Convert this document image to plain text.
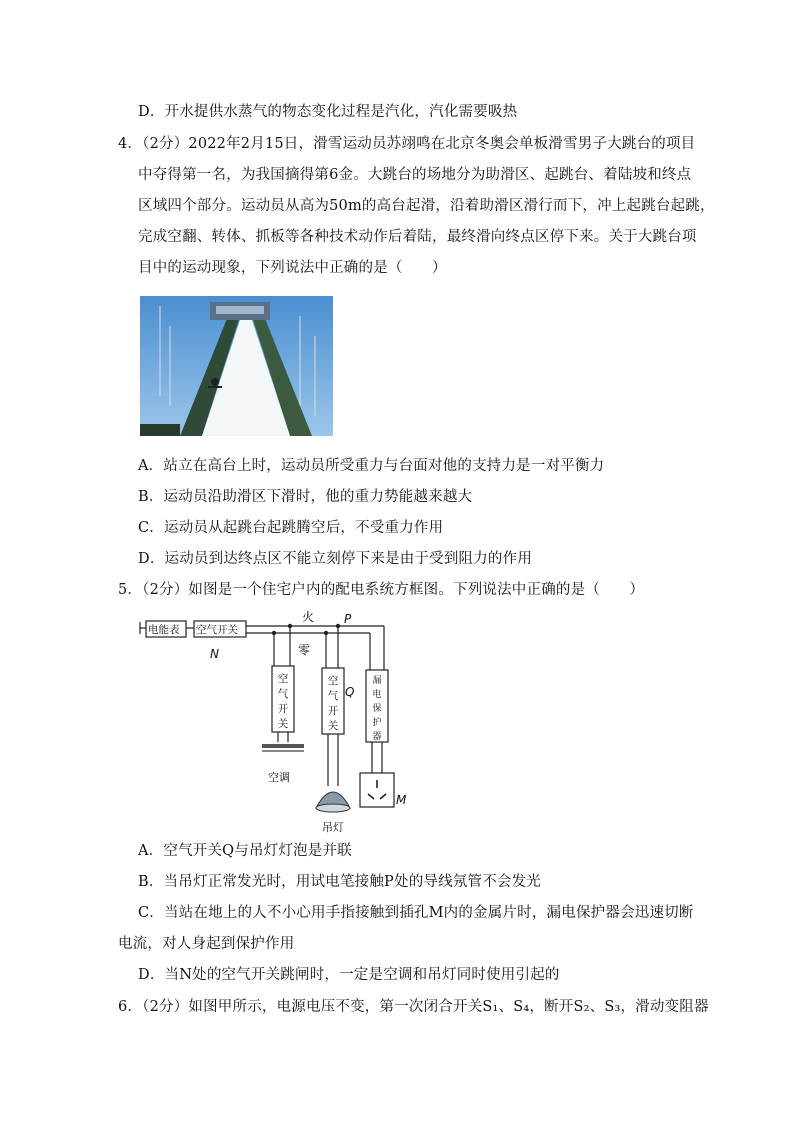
D．开水提供水蒸气的物态变化过程是汽化，汽化需要吸热
4．（2分）2022年2月15日，滑雪运动员苏翊鸣在北京冬奥会单板滑雪男子大跳台的项目
中夺得第一名，为我国摘得第6金。大跳台的场地分为助滑区、起跳台、着陆坡和终点
区域四个部分。运动员从高为50m的高台起滑，沿着助滑区滑行而下，冲上起跳台起跳，
完成空翻、转体、抓板等各种技术动作后着陆，最终滑向终点区停下来。关于大跳台项
目中的运动现象，下列说法中正确的是（　　）
A．站立在高台上时，运动员所受重力与台面对他的支持力是一对平衡力
B．运动员沿助滑区下滑时，他的重力势能越来越大
C．运动员从起跳台起跳腾空后，不受重力作用
D．运动员到达终点区不能立刻停下来是由于受到阻力的作用
5．（2分）如图是一个住宅户内的配电系统方框图。下列说法中正确的是（　　）
电能表 空气开关
火 P
N	零
Q
M
空
气
开
关
空
气
开
关
漏
电
保
护
器
空调
吊灯
A．空气开关Q与吊灯灯泡是并联
B．当吊灯正常发光时，用试电笔接触P处的导线氖管不会发光
C．当站在地上的人不小心用手指接触到插孔M内的金属片时，漏电保护器会迅速切断
电流，对人身起到保护作用
D．当N处的空气开关跳闸时，一定是空调和吊灯同时使用引起的
6．（2分）如图甲所示，电源电压不变，第一次闭合开关S₁、S₄，断开S₂、S₃，滑动变阻器
